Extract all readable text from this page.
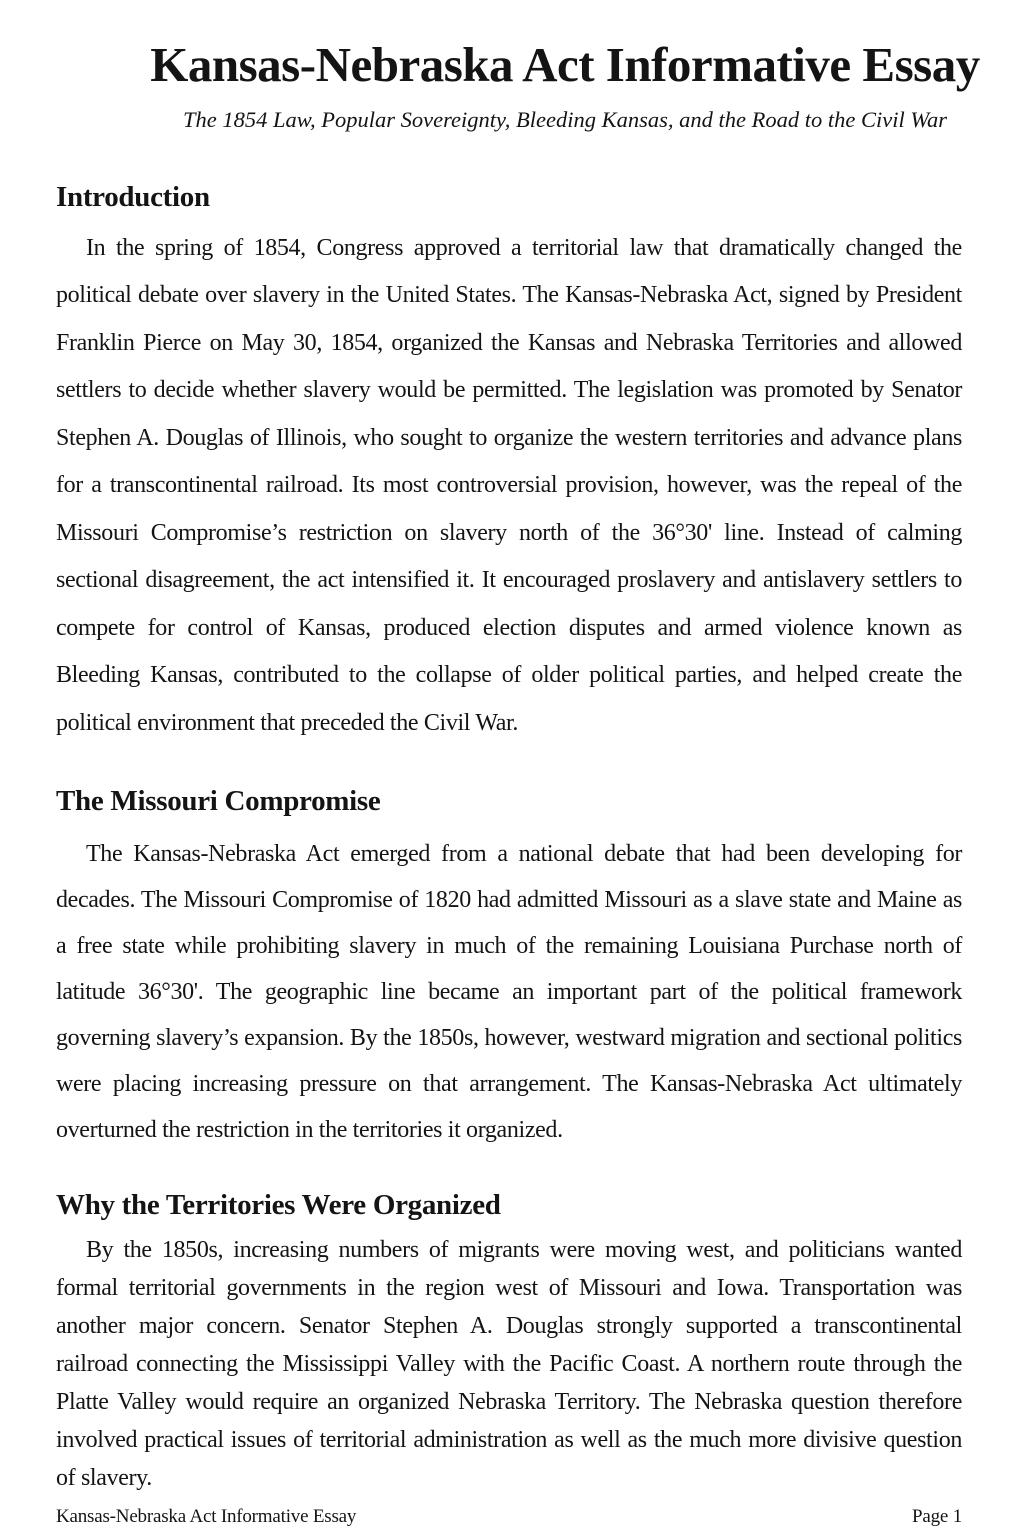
Kansas-Nebraska Act Informative Essay
The 1854 Law, Popular Sovereignty, Bleeding Kansas, and the Road to the Civil War
Introduction

In the spring of 1854, Congress approved a territorial law that dramatically changed the political debate over slavery in the United States. The Kansas-Nebraska Act, signed by President Franklin Pierce on May 30, 1854, organized the Kansas and Nebraska Territories and allowed settlers to decide whether slavery would be permitted. The legislation was promoted by Senator Stephen A. Douglas of Illinois, who sought to organize the western territories and advance plans for a transcontinental railroad. Its most controversial provision, however, was the repeal of the Missouri Compromise’s restriction on slavery north of the 36°30' line. Instead of calming sectional disagreement, the act intensified it. It encouraged proslavery and antislavery settlers to compete for control of Kansas, produced election disputes and armed violence known as Bleeding Kansas, contributed to the collapse of older political parties, and helped create the political environment that preceded the Civil War.

The Missouri Compromise

The Kansas-Nebraska Act emerged from a national debate that had been developing for decades. The Missouri Compromise of 1820 had admitted Missouri as a slave state and Maine as a free state while prohibiting slavery in much of the remaining Louisiana Purchase north of latitude 36°30'. The geographic line became an important part of the political framework governing slavery’s expansion. By the 1850s, however, westward migration and sectional politics were placing increasing pressure on that arrangement. The Kansas-Nebraska Act ultimately overturned the restriction in the territories it organized.

Why the Territories Were Organized

By the 1850s, increasing numbers of migrants were moving west, and politicians wanted formal territorial governments in the region west of Missouri and Iowa. Transportation was another major concern. Senator Stephen A. Douglas strongly supported a transcontinental railroad connecting the Mississippi Valley with the Pacific Coast. A northern route through the Platte Valley would require an organized Nebraska Territory. The Nebraska question therefore involved practical issues of territorial administration as well as the much more divisive question of slavery.

Kansas-Nebraska Act Informative Essay	Page 1
